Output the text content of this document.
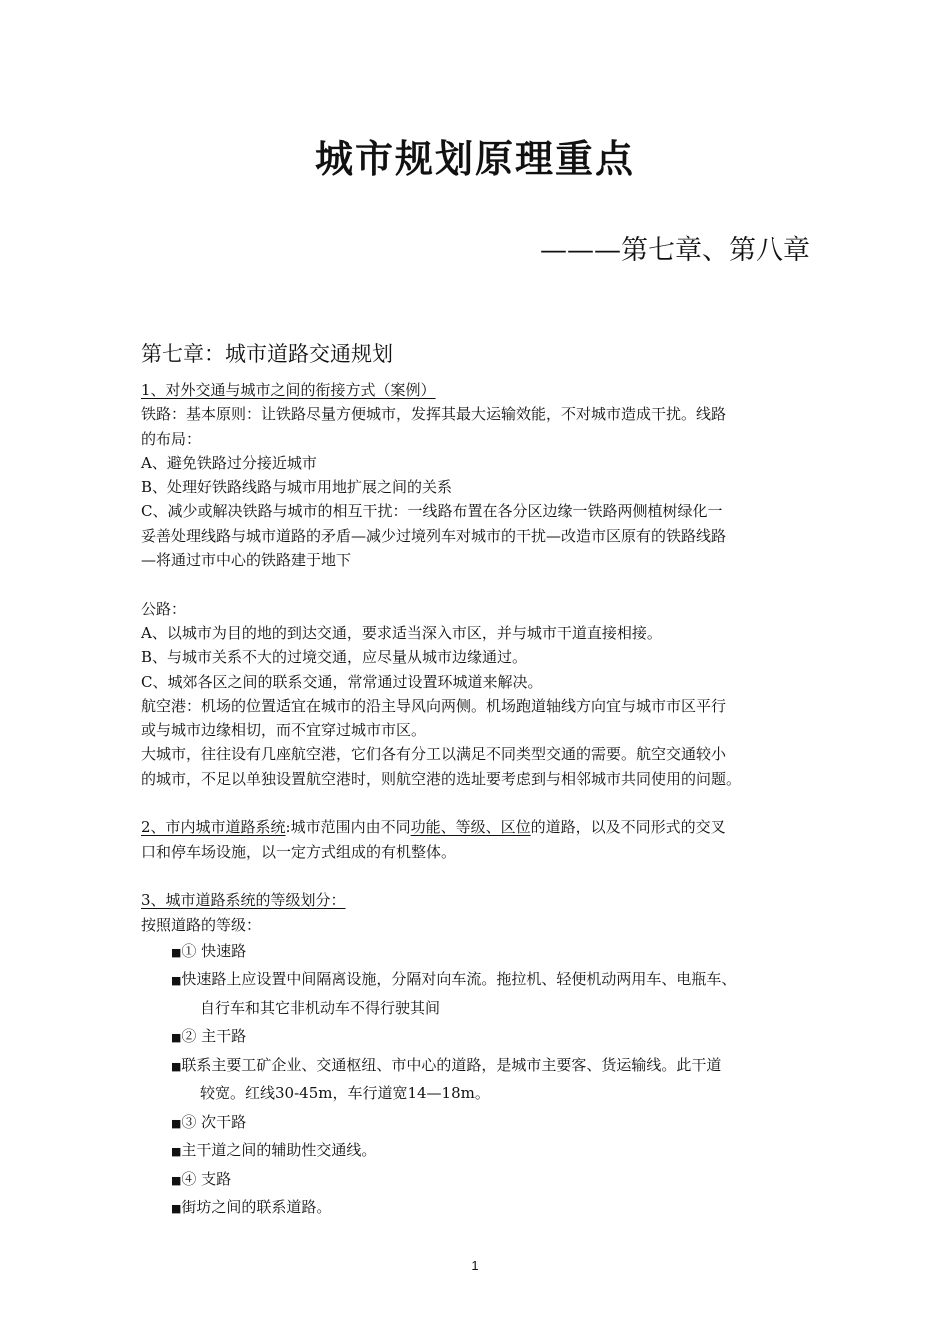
城市规划原理重点
———第七章、第八章
第七章：城市道路交通规划
1、对外交通与城市之间的衔接方式（案例）
铁路：基本原则：让铁路尽量方便城市，发挥其最大运输效能，不对城市造成干扰。线路
的布局：
A、避免铁路过分接近城市
B、处理好铁路线路与城市用地扩展之间的关系
C、减少或解决铁路与城市的相互干扰：一线路布置在各分区边缘一铁路两侧植树绿化一
妥善处理线路与城市道路的矛盾—减少过境列车对城市的干扰—改造市区原有的铁路线路
—将通过市中心的铁路建于地下
公路：
A、以城市为目的地的到达交通，要求适当深入市区，并与城市干道直接相接。
B、与城市关系不大的过境交通，应尽量从城市边缘通过。
C、城郊各区之间的联系交通，常常通过设置环城道来解决。
航空港：机场的位置适宜在城市的沿主导风向两侧。机场跑道轴线方向宜与城市市区平行
或与城市边缘相切，而不宜穿过城市市区。
大城市，往往设有几座航空港，它们各有分工以满足不同类型交通的需要。航空交通较小
的城市，不足以单独设置航空港时，则航空港的选址要考虑到与相邻城市共同使用的问题。
2、市内城市道路系统:城市范围内由不同功能、等级、区位的道路，以及不同形式的交叉
口和停车场设施，以一定方式组成的有机整体。
3、城市道路系统的等级划分：
按照道路的等级：
■① 快速路
■快速路上应设置中间隔离设施，分隔对向车流。拖拉机、轻便机动两用车、电瓶车、
自行车和其它非机动车不得行驶其间
■② 主干路
■联系主要工矿企业、交通枢纽、市中心的道路，是城市主要客、货运输线。此干道
较宽。红线30-45m，车行道宽14—18m。
■③ 次干路
■主干道之间的辅助性交通线。
■④ 支路
■街坊之间的联系道路。
1
